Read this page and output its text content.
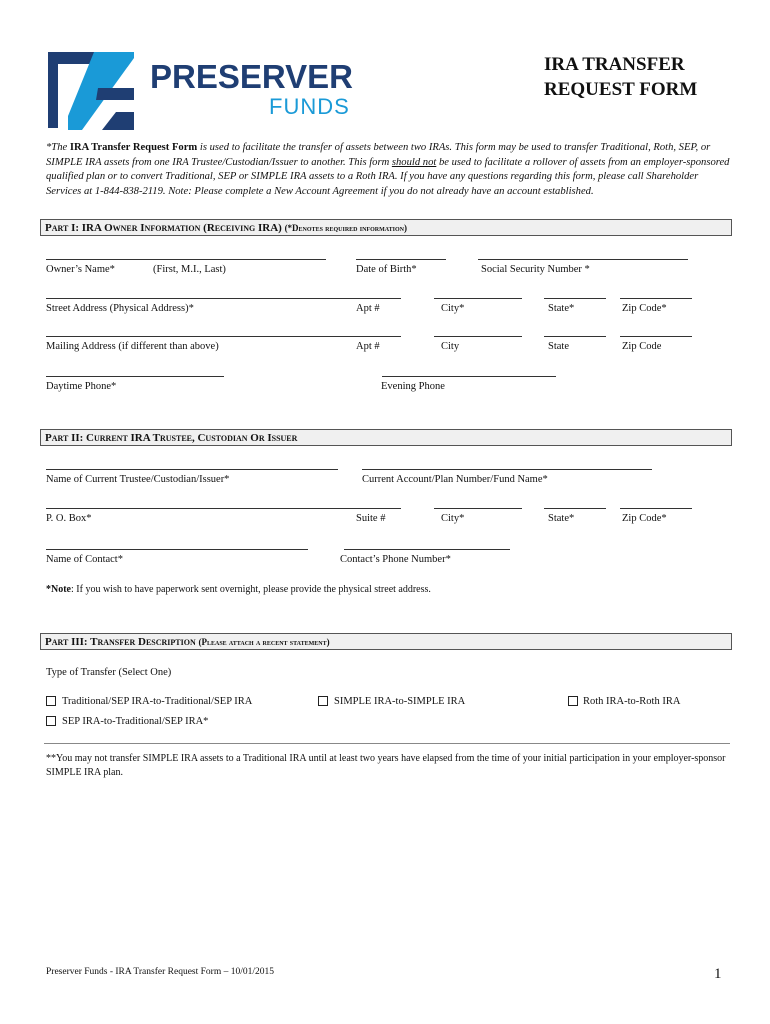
PRESERVER
FUNDS
IRA TRANSFER
REQUEST FORM
*The IRA Transfer Request Form is used to facilitate the transfer of assets between two IRAs. This form may be used to transfer Traditional, Roth, SEP, or SIMPLE IRA assets from one IRA Trustee/Custodian/Issuer to another. This form should not be used to facilitate a rollover of assets from an employer-sponsored qualified plan or to convert Traditional, SEP or SIMPLE IRA assets to a Roth IRA. If you have any questions regarding this form, please call Shareholder Services at 1-844-838-2119. Note: Please complete a New Account Agreement if you do not already have an account established.
Part I: IRA Owner Information (Receiving IRA) (*Denotes required information)
Owner’s Name*	(First, M.I., Last)	Date of Birth*	Social Security Number *
Street Address (Physical Address)*	Apt #	City*	State*	Zip Code*
Mailing Address (if different than above)	Apt #	City	State	Zip Code
Daytime Phone*	Evening Phone
Part II: Current IRA Trustee, Custodian Or Issuer
Name of Current Trustee/Custodian/Issuer*	Current Account/Plan Number/Fund Name*
P. O. Box*	Suite #	City*	State*	Zip Code*
Name of Contact*	Contact’s Phone Number*
*Note: If you wish to have paperwork sent overnight, please provide the physical street address.
Part III: Transfer Description (Please attach a recent statement)
Type of Transfer (Select One)
Traditional/SEP IRA-to-Traditional/SEP IRA	SIMPLE IRA-to-SIMPLE IRA	Roth IRA-to-Roth IRA
SEP IRA-to-Traditional/SEP IRA*
**You may not transfer SIMPLE IRA assets to a Traditional IRA until at least two years have elapsed from the time of your initial participation in your employer-sponsor SIMPLE IRA plan.
Preserver Funds - IRA Transfer Request Form – 10/01/2015	1
